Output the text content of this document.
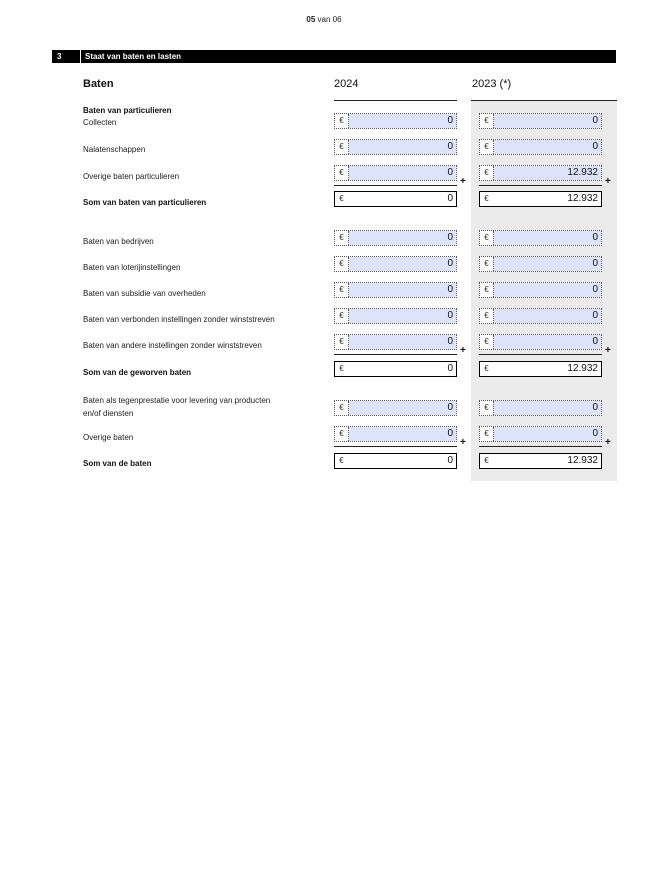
05 van 06
3	Staat van baten en lasten
Baten	2024	2023 (*)
Baten van particulieren
Collecten	€	0	€	0
Nalatenschappen	€	0	€	0
Overige baten particulieren	€	0	€	12.932
+	+
Som van baten van particulieren	€	0	€	12.932
Baten van bedrijven	€	0	€	0
Baten van loterijinstellingen	€	0	€	0
Baten van subsidie van overheden	€	0	€	0
Baten van verbonden instellingen zonder winststreven	€	0	€	0
Baten van andere instellingen zonder winststreven	€	0	€	0
+	+
Som van de geworven baten	€	0	€	12.932
Baten als tegenprestatie voor levering van producten
en/of diensten
€	0	€	0
Overige baten	€	0	€	0
+	+
Som van de baten	€	0	€	12.932
